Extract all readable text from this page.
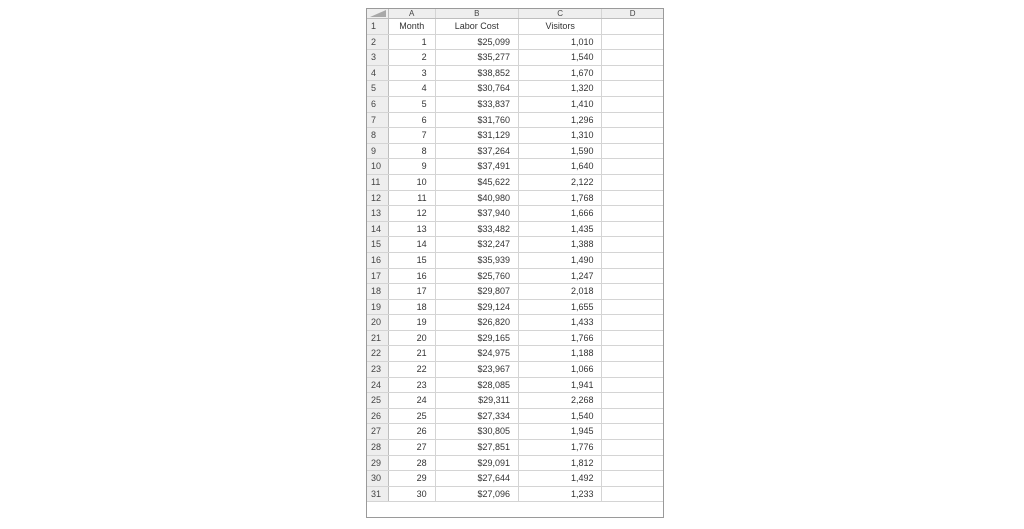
A	B	C	D
1	Month	Labor Cost	Visitors
2	1	$25,099	1,010
3	2	$35,277	1,540
4	3	$38,852	1,670
5	4	$30,764	1,320
6	5	$33,837	1,410
7	6	$31,760	1,296
8	7	$31,129	1,310
9	8	$37,264	1,590
10	9	$37,491	1,640
11	10	$45,622	2,122
12	11	$40,980	1,768
13	12	$37,940	1,666
14	13	$33,482	1,435
15	14	$32,247	1,388
16	15	$35,939	1,490
17	16	$25,760	1,247
18	17	$29,807	2,018
19	18	$29,124	1,655
20	19	$26,820	1,433
21	20	$29,165	1,766
22	21	$24,975	1,188
23	22	$23,967	1,066
24	23	$28,085	1,941
25	24	$29,311	2,268
26	25	$27,334	1,540
27	26	$30,805	1,945
28	27	$27,851	1,776
29	28	$29,091	1,812
30	29	$27,644	1,492
31	30	$27,096	1,233
